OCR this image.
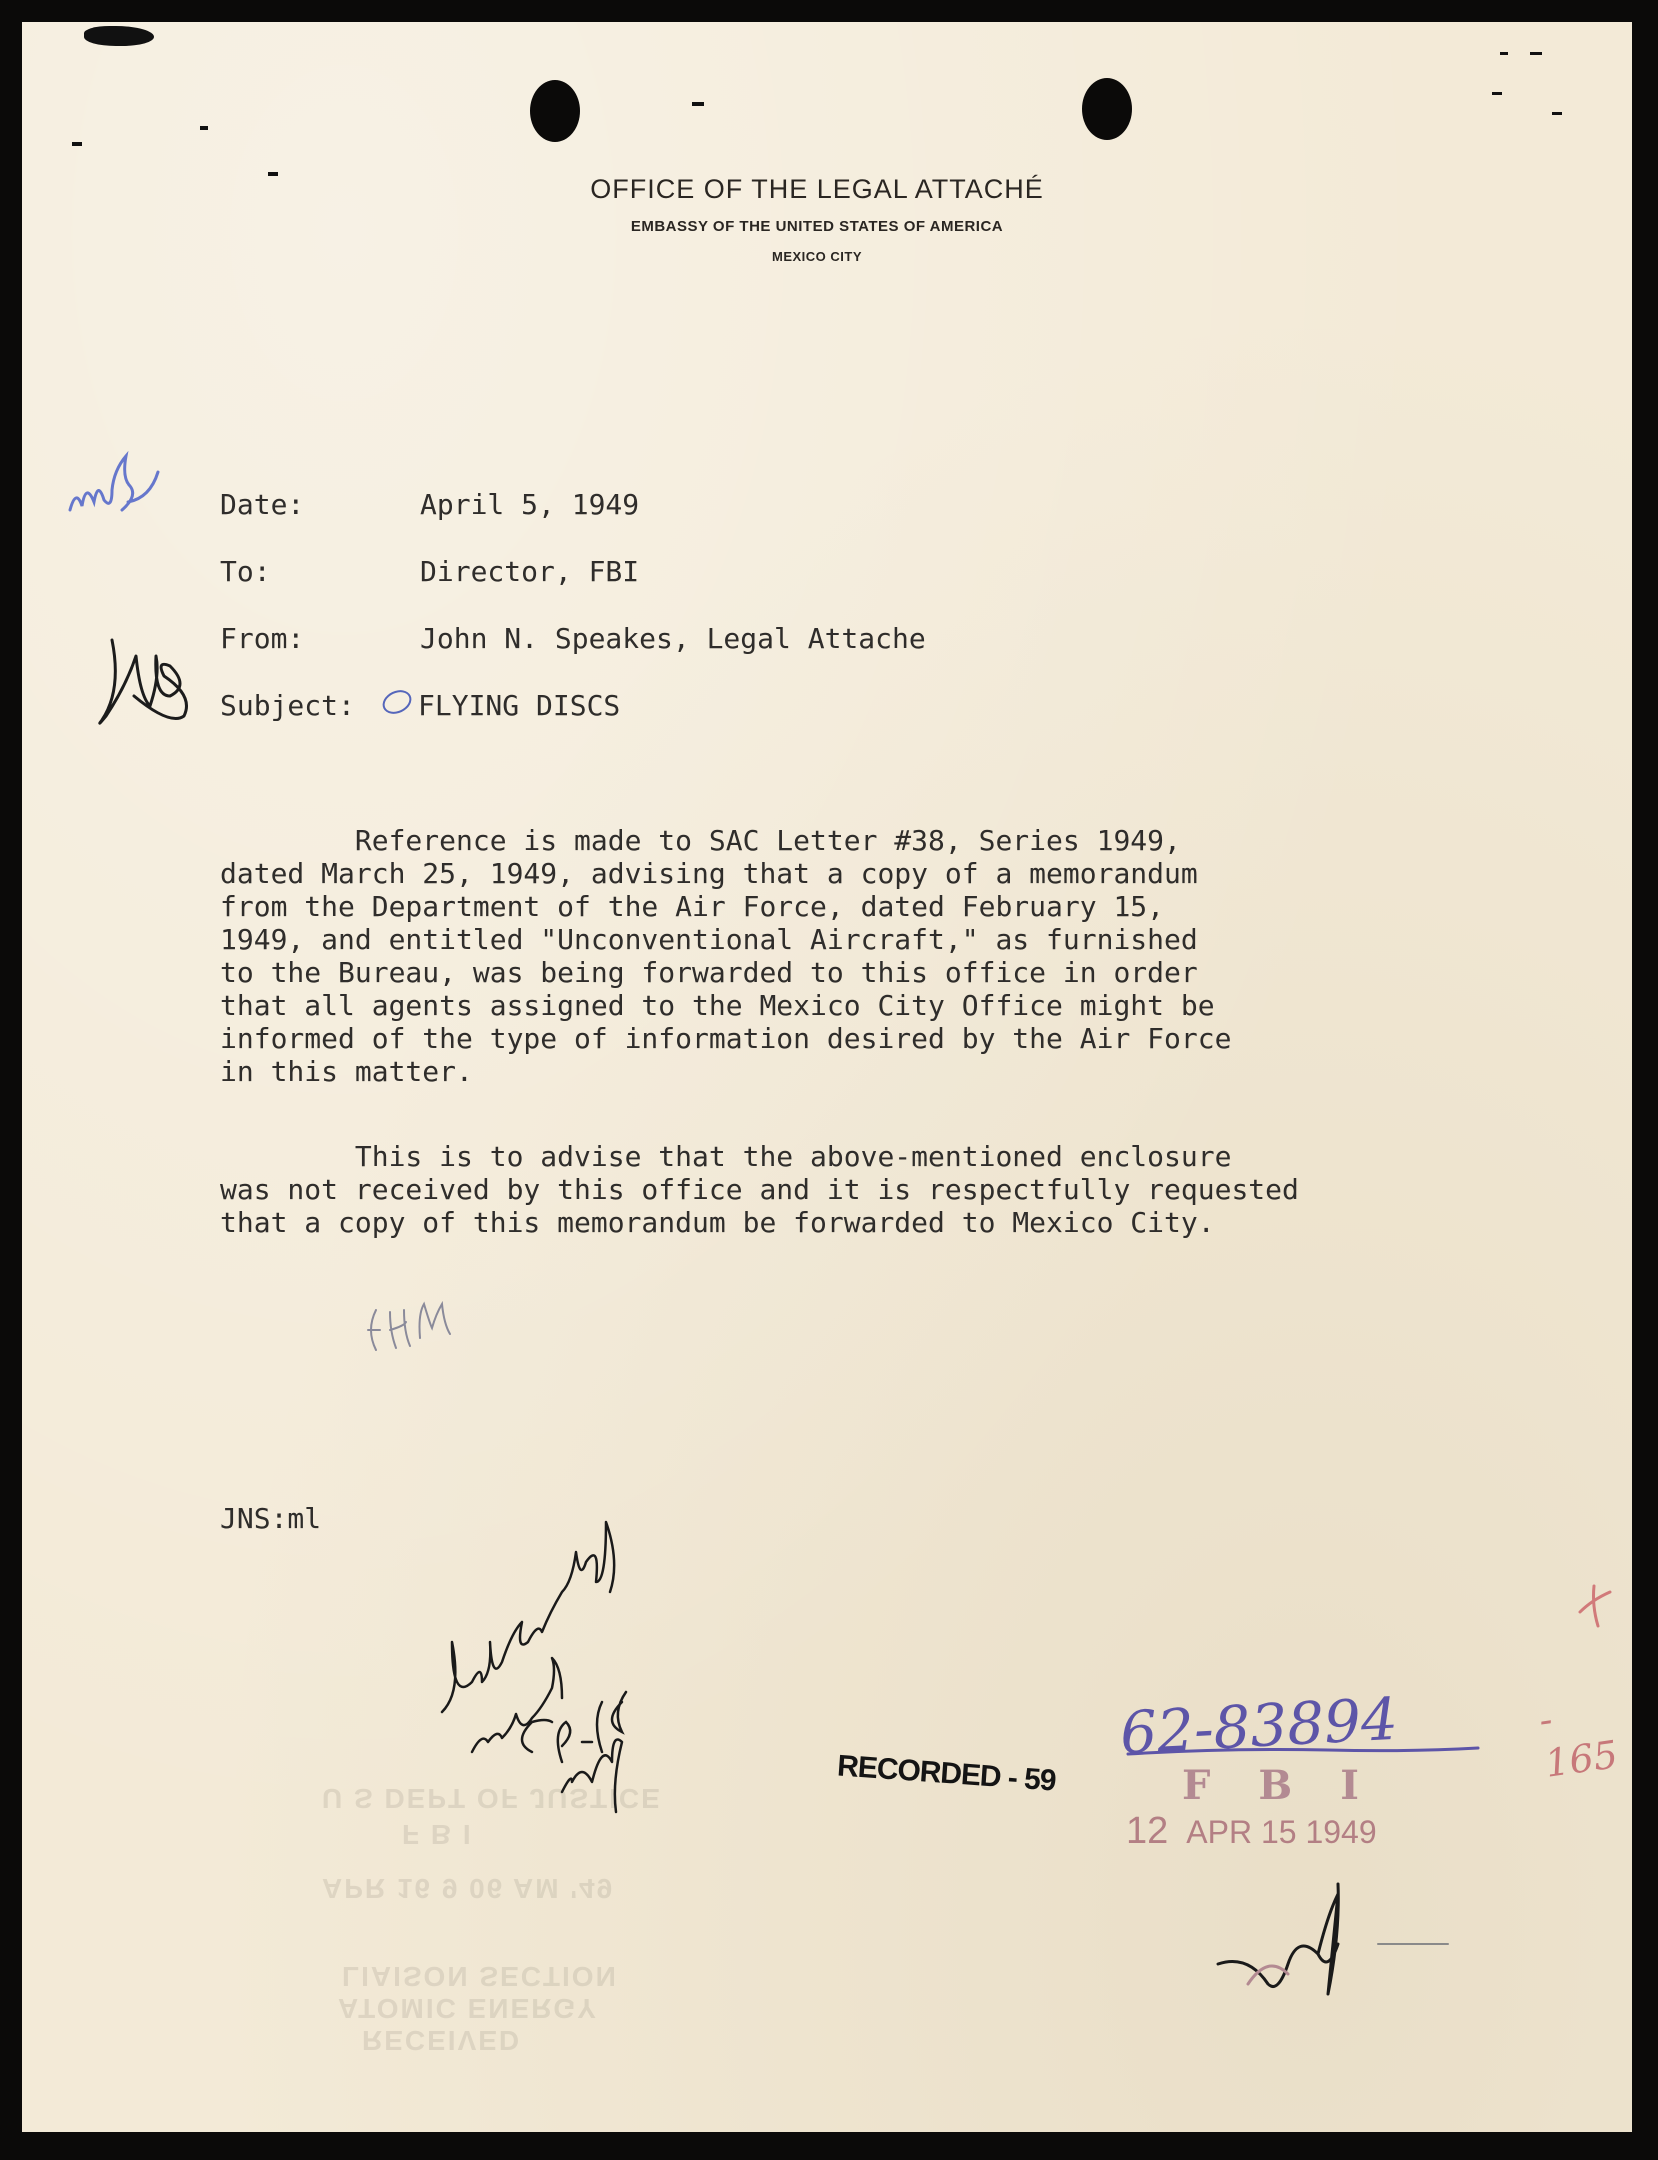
OFFICE OF THE LEGAL ATTACHÉ
EMBASSY OF THE UNITED STATES OF AMERICA
MEXICO CITY
Date:	April 5, 1949
To:	Director, FBI
From:	John N. Speakes, Legal Attache
Subject: FLYING DISCS

Reference is made to SAC Letter #38, Series 1949,
dated March 25, 1949, advising that a copy of a memorandum
from the Department of the Air Force, dated February 15,
1949, and entitled "Unconventional Aircraft," as furnished
to the Bureau, was being forwarded to this office in order
that all agents assigned to the Mexico City Office might be
informed of the type of information desired by the Air Force
in this matter.

This is to advise that the above-mentioned enclosure
was not received by this office and it is respectfully requested
that a copy of this memorandum be forwarded to Mexico City.

JNS:ml
U S DEPT OF JUSTICE
F B I
APR 16 9 06 AM '49
LIAISON SECTION
ATOMIC ENERGY
RECEIVED
RECORDED - 59
62-83894	- 165
FBI
12 APR 15 1949
